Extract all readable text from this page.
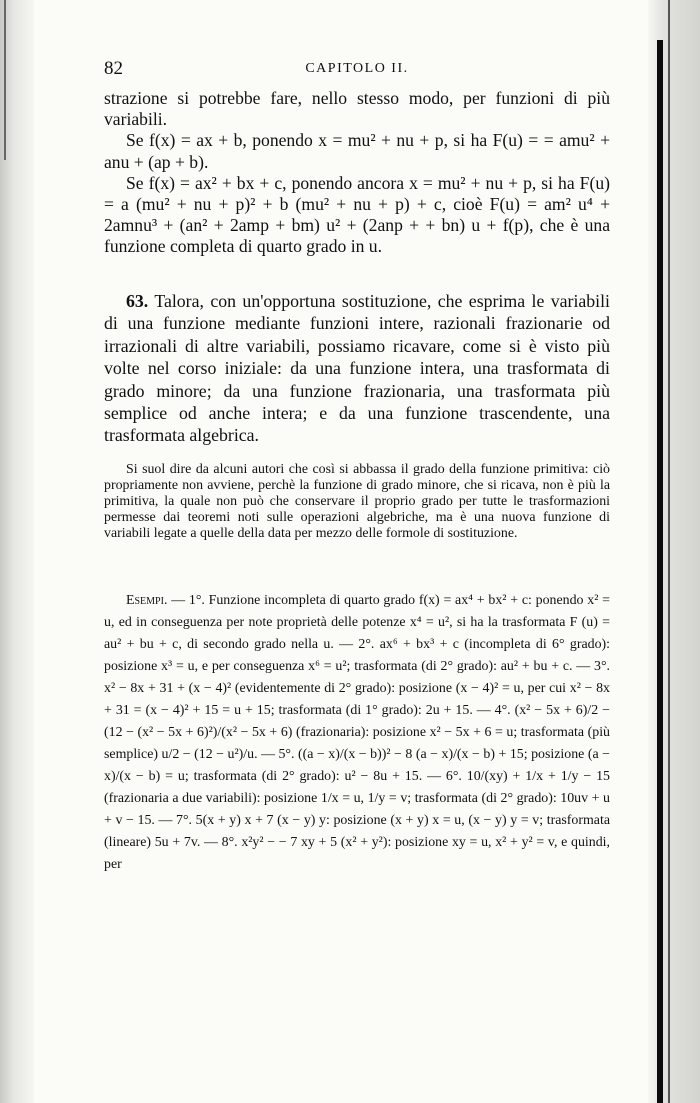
82	CAPITOLO II.

strazione si potrebbe fare, nello stesso modo, per funzioni di più variabili.

Se f(x) = ax + b, ponendo x = mu² + nu + p, si ha F(u) = = amu² + anu + (ap + b).

Se f(x) = ax² + bx + c, ponendo ancora x = mu² + nu + p, si ha F(u) = a (mu² + nu + p)² + b (mu² + nu + p) + c, cioè F(u) = am² u⁴ + 2amnu³ + (an² + 2amp + bm) u² + (2anp + + bn) u + f(p), che è una funzione completa di quarto grado in u.

63. Talora, con un'opportuna sostituzione, che esprima le variabili di una funzione mediante funzioni intere, razionali frazionarie od irrazionali di altre variabili, possiamo ricavare, come si è visto più volte nel corso iniziale: da una funzione intera, una trasformata di grado minore; da una funzione frazionaria, una trasformata più semplice od anche intera; e da una funzione trascendente, una trasformata algebrica.

Si suol dire da alcuni autori che così si abbassa il grado della funzione primitiva: ciò propriamente non avviene, perchè la funzione di grado minore, che si ricava, non è più la primitiva, la quale non può che conservare il proprio grado per tutte le trasformazioni permesse dai teoremi noti sulle operazioni algebriche, ma è una nuova funzione di variabili legate a quelle della data per mezzo delle formole di sostituzione.

Esempi. — 1°. Funzione incompleta di quarto grado f(x) = ax⁴ + bx² + c: ponendo x² = u, ed in conseguenza per note proprietà delle potenze x⁴ = u², si ha la trasformata F (u) = au² + bu + c, di secondo grado nella u. — 2°. ax⁶ + bx³ + c (incompleta di 6° grado): posizione x³ = u, e per conseguenza x⁶ = u²; trasformata (di 2° grado): au² + bu + c. — 3°. x² − 8x + 31 + (x − 4)² (evidentemente di 2° grado): posizione (x − 4)² = u, per cui x² − 8x + 31 = (x − 4)² + 15 = u + 15; trasformata (di 1° grado): 2u + 15. — 4°. (x² − 5x + 6)/2 − (12 − (x² − 5x + 6)²)/(x² − 5x + 6) (frazionaria): posizione x² − 5x + 6 = u; trasformata (più semplice) u/2 − (12 − u²)/u. — 5°. ((a − x)/(x − b))² − 8 (a − x)/(x − b) + 15; posizione (a − x)/(x − b) = u; trasformata (di 2° grado): u² − 8u + 15. — 6°. 10/(xy) + 1/x + 1/y − 15 (frazionaria a due variabili): posizione 1/x = u, 1/y = v; trasformata (di 2° grado): 10uv + u + v − 15. — 7°. 5(x + y) x + 7 (x − y) y: posizione (x + y) x = u, (x − y) y = v; trasformata (lineare) 5u + 7v. — 8°. x²y² − − 7 xy + 5 (x² + y²): posizione xy = u, x² + y² = v, e quindi, per
